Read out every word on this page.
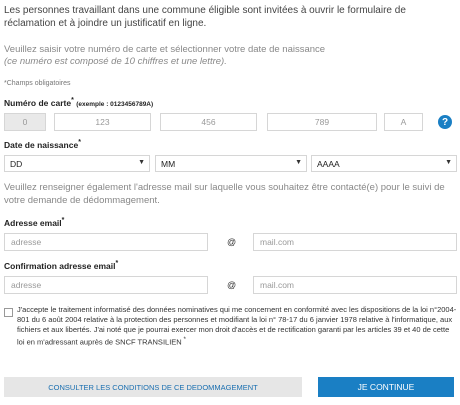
Les personnes travaillant dans une commune éligible sont invitées à ouvrir le formulaire de réclamation et à joindre un justificatif en ligne.
Veuillez saisir votre numéro de carte et sélectionner votre date de naissance
(ce numéro est composé de 10 chiffres et une lettre).
*Champs obligatoires
Numéro de carte* (exemple : 0123456789A)
0	123	456	789	A	?
Date de naissance*
DD	▼ MM	▼ AAAA	▼
Veuillez renseigner également l'adresse mail sur laquelle vous souhaitez être contacté(e) pour le suivi de votre demande de dédommagement.
Adresse email*
adresse	@	mail.com
Confirmation adresse email*
adresse	@	mail.com
J'accepte le traitement informatisé des données nominatives qui me concernent en conformité avec les dispositions de la loi n°2004-801 du 6 août 2004 relative à la protection des personnes et modifiant la loi n° 78-17 du 6 janvier 1978 relative à l'informatique, aux fichiers et aux libertés. J'ai noté que je pourrai exercer mon droit d'accès et de rectification garanti par les articles 39 et 40 de cette loi en m'adressant auprès de SNCF TRANSILIEN *
CONSULTER LES CONDITIONS DE CE DEDOMMAGEMENT	JE CONTINUE
